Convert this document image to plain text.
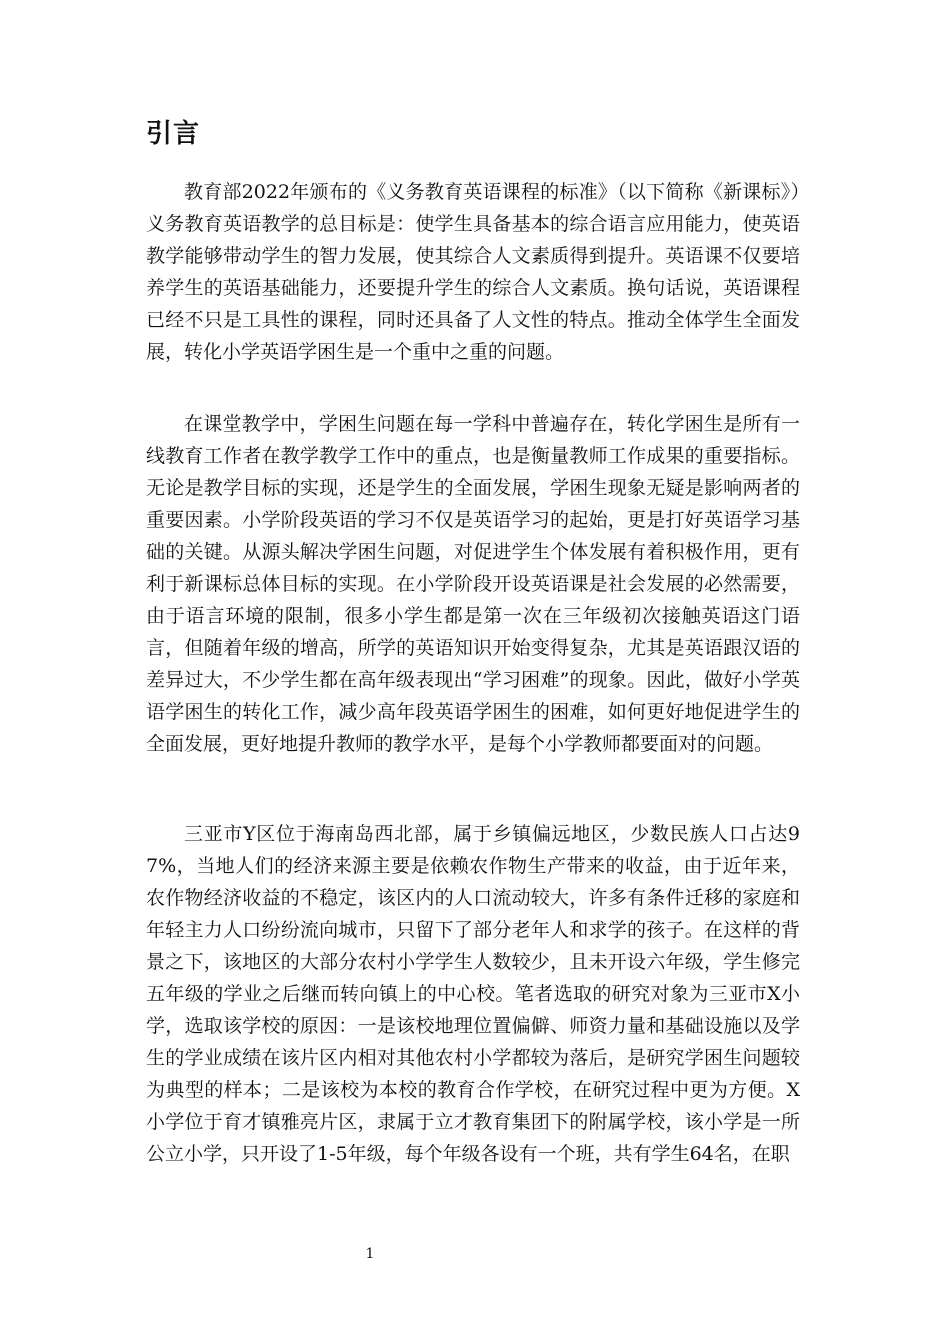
引言

教育部2022年颁布的《义务教育英语课程的标准》（以下简称《新课标》）义务教育英语教学的总目标是：使学生具备基本的综合语言应用能力，使英语教学能够带动学生的智力发展，使其综合人文素质得到提升。英语课不仅要培养学生的英语基础能力，还要提升学生的综合人文素质。换句话说，英语课程已经不只是工具性的课程，同时还具备了人文性的特点。推动全体学生全面发展，转化小学英语学困生是一个重中之重的问题。

在课堂教学中，学困生问题在每一学科中普遍存在，转化学困生是所有一线教育工作者在教学教学工作中的重点，也是衡量教师工作成果的重要指标。无论是教学目标的实现，还是学生的全面发展，学困生现象无疑是影响两者的重要因素。小学阶段英语的学习不仅是英语学习的起始，更是打好英语学习基础的关键。从源头解决学困生问题，对促进学生个体发展有着积极作用，更有利于新课标总体目标的实现。在小学阶段开设英语课是社会发展的必然需要，由于语言环境的限制，很多小学生都是第一次在三年级初次接触英语这门语言，但随着年级的增高，所学的英语知识开始变得复杂，尤其是英语跟汉语的差异过大，不少学生都在高年级表现出“学习困难”的现象。因此，做好小学英语学困生的转化工作，减少高年段英语学困生的困难，如何更好地促进学生的全面发展，更好地提升教师的教学水平，是每个小学教师都要面对的问题。

三亚市Y区位于海南岛西北部，属于乡镇偏远地区，少数民族人口占达97%，当地人们的经济来源主要是依赖农作物生产带来的收益，由于近年来，农作物经济收益的不稳定，该区内的人口流动较大，许多有条件迁移的家庭和年轻主力人口纷纷流向城市，只留下了部分老年人和求学的孩子。在这样的背景之下，该地区的大部分农村小学学生人数较少，且未开设六年级，学生修完五年级的学业之后继而转向镇上的中心校。笔者选取的研究对象为三亚市X小学，选取该学校的原因：一是该校地理位置偏僻、师资力量和基础设施以及学生的学业成绩在该片区内相对其他农村小学都较为落后，是研究学困生问题较为典型的样本；二是该校为本校的教育合作学校，在研究过程中更为方便。X小学位于育才镇雅亮片区，隶属于立才教育集团下的附属学校，该小学是一所公立小学，只开设了1-5年级，每个年级各设有一个班，共有学生64名，在职

1
